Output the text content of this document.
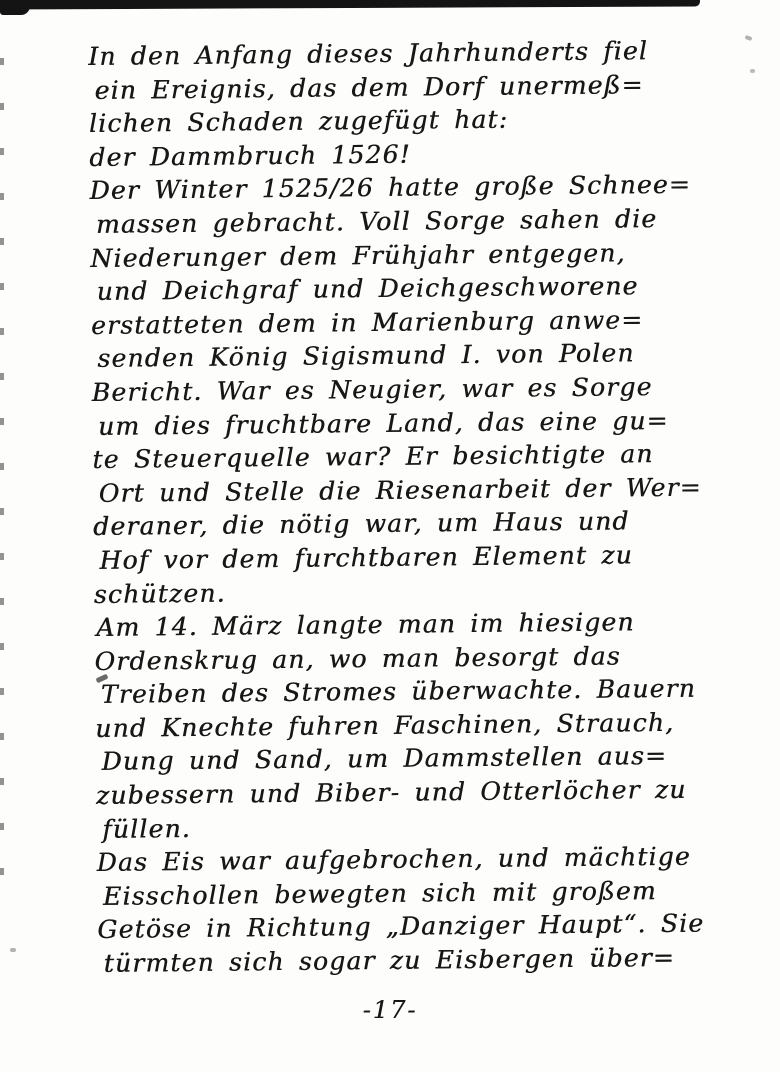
In den Anfang dieses Jahrhunderts fiel
ein Ereignis, das dem Dorf unermeß=
lichen Schaden zugefügt hat:
der Dammbruch 1526!
Der Winter 1525/26 hatte große Schnee=
massen gebracht. Voll Sorge sahen die
Niederunger dem Frühjahr entgegen,
und Deichgraf und Deichgeschworene
erstatteten dem in Marienburg anwe=
senden König Sigismund I. von Polen
Bericht. War es Neugier, war es Sorge
um dies fruchtbare Land, das eine gu=
te Steuerquelle war? Er besichtigte an
Ort und Stelle die Riesenarbeit der Wer=
deraner, die nötig war, um Haus und
Hof vor dem furchtbaren Element zu
schützen.
Am 14. März langte man im hiesigen
Ordenskrug an, wo man besorgt das
Treiben des Stromes überwachte. Bauern
und Knechte fuhren Faschinen, Strauch,
Dung und Sand, um Dammstellen aus=
zubessern und Biber- und Otterlöcher zu
füllen.
Das Eis war aufgebrochen, und mächtige
Eisschollen bewegten sich mit großem
Getöse in Richtung „Danziger Haupt“. Sie
türmten sich sogar zu Eisbergen über=
-17-
